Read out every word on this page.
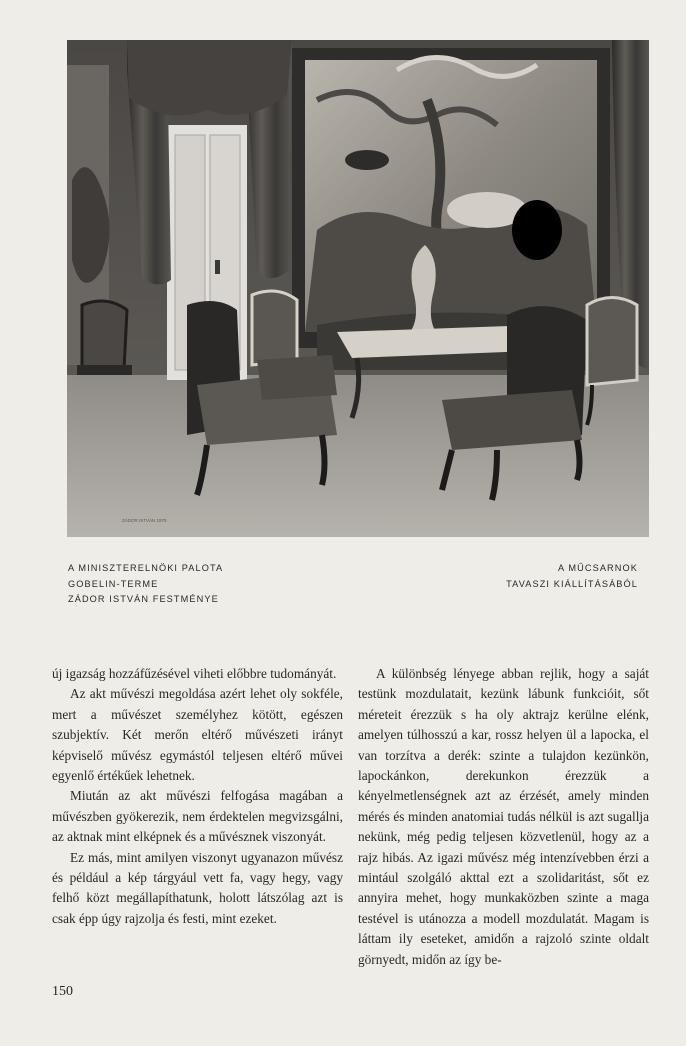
ZÁDOR ISTVÁN 1975
A MINISZTERELNÖKI PALOTA
GOBELIN-TERME
ZÁDOR ISTVÁN FESTMÉNYE
A MŰCSARNOK
TAVASZI KIÁLLÍTÁSÁBÓL

új igazság hozzáfűzésével viheti előbbre tudományát.

Az akt művészi megoldása azért lehet oly sokféle, mert a művészet személyhez kötött, egészen szubjektív. Két merőn eltérő művészeti irányt képviselő művész egymástól teljesen eltérő művei egyenlő értékűek lehetnek.

Miután az akt művészi felfogása magában a művészben gyökerezik, nem érdektelen megvizsgálni, az aktnak mint elképnek és a művésznek viszonyát.

Ez más, mint amilyen viszonyt ugyanazon művész és például a kép tárgyául vett fa, vagy hegy, vagy felhő közt megállapíthatunk, holott látszólag azt is csak épp úgy rajzolja és festi, mint ezeket.

A különbség lényege abban rejlik, hogy a saját testünk mozdulatait, kezünk lábunk funkcióit, sőt méreteit érezzük s ha oly aktrajz kerülne elénk, amelyen túlhosszú a kar, rossz helyen ül a lapocka, el van torzítva a derék: szinte a tulajdon kezünkön, lapockánkon, derekunkon érezzük a kényelmetlenségnek azt az érzését, amely minden mérés és minden anatomiai tudás nélkül is azt sugallja nekünk, még pedig teljesen közvetlenül, hogy az a rajz hibás. Az igazi művész még intenzívebben érzi a mintául szolgáló akttal ezt a szolidaritást, sőt ez annyira mehet, hogy munkaközben szinte a maga testével is utánozza a modell mozdulatát. Magam is láttam ily eseteket, amidőn a rajzoló szinte oldalt görnyedt, midőn az így be-

150
